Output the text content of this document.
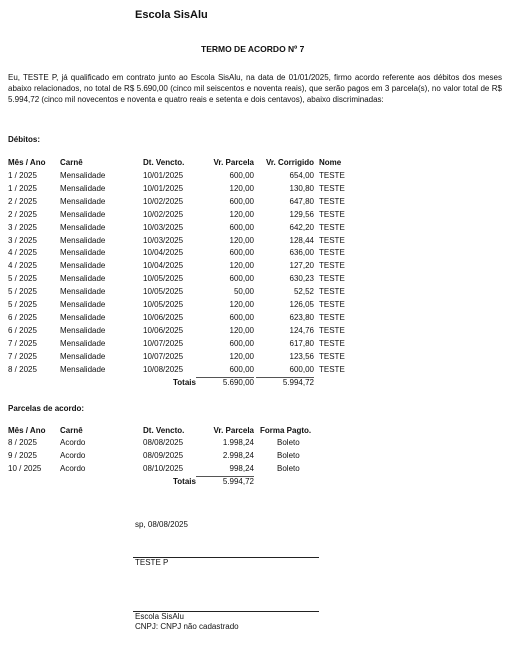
Escola SisAlu
TERMO DE ACORDO Nº 7
Eu, TESTE P, já qualificado em contrato junto ao Escola SisAlu, na data de 01/01/2025, firmo acordo referente aos débitos dos meses abaixo relacionados, no total de R$ 5.690,00 (cinco mil seiscentos e noventa reais), que serão pagos em 3 parcela(s), no valor total de R$ 5.994,72 (cinco mil novecentos e noventa e quatro reais e setenta e dois centavos), abaixo discriminadas:
Débitos:
Mês / Ano Carnê	Dt. Vencto.	Vr. Parcela	Vr. Corrigido Nome
1 / 2025	Mensalidade	10/01/2025	600,00	654,00 TESTE
1 / 2025	Mensalidade	10/01/2025	120,00	130,80 TESTE
2 / 2025	Mensalidade	10/02/2025	600,00	647,80 TESTE
2 / 2025	Mensalidade	10/02/2025	120,00	129,56 TESTE
3 / 2025	Mensalidade	10/03/2025	600,00	642,20 TESTE
3 / 2025	Mensalidade	10/03/2025	120,00	128,44 TESTE
4 / 2025	Mensalidade	10/04/2025	600,00	636,00 TESTE
4 / 2025	Mensalidade	10/04/2025	120,00	127,20 TESTE
5 / 2025	Mensalidade	10/05/2025	600,00	630,23 TESTE
5 / 2025	Mensalidade	10/05/2025	50,00	52,52 TESTE
5 / 2025	Mensalidade	10/05/2025	120,00	126,05 TESTE
6 / 2025	Mensalidade	10/06/2025	600,00	623,80 TESTE
6 / 2025	Mensalidade	10/06/2025	120,00	124,76 TESTE
7 / 2025	Mensalidade	10/07/2025	600,00	617,80 TESTE
7 / 2025	Mensalidade	10/07/2025	120,00	123,56 TESTE
8 / 2025	Mensalidade	10/08/2025	600,00	600,00 TESTE
Totais	5.690,00	5.994,72
Parcelas de acordo:
Mês / Ano Carnê	Dt. Vencto.	Vr. Parcela Forma Pagto.
8 / 2025	Acordo	08/08/2025	1.998,24	Boleto
9 / 2025	Acordo	08/09/2025	2.998,24	Boleto
10 / 2025 Acordo	08/10/2025	998,24	Boleto
Totais	5.994,72
sp, 08/08/2025
TESTE P
Escola SisAlu
CNPJ: CNPJ não cadastrado
